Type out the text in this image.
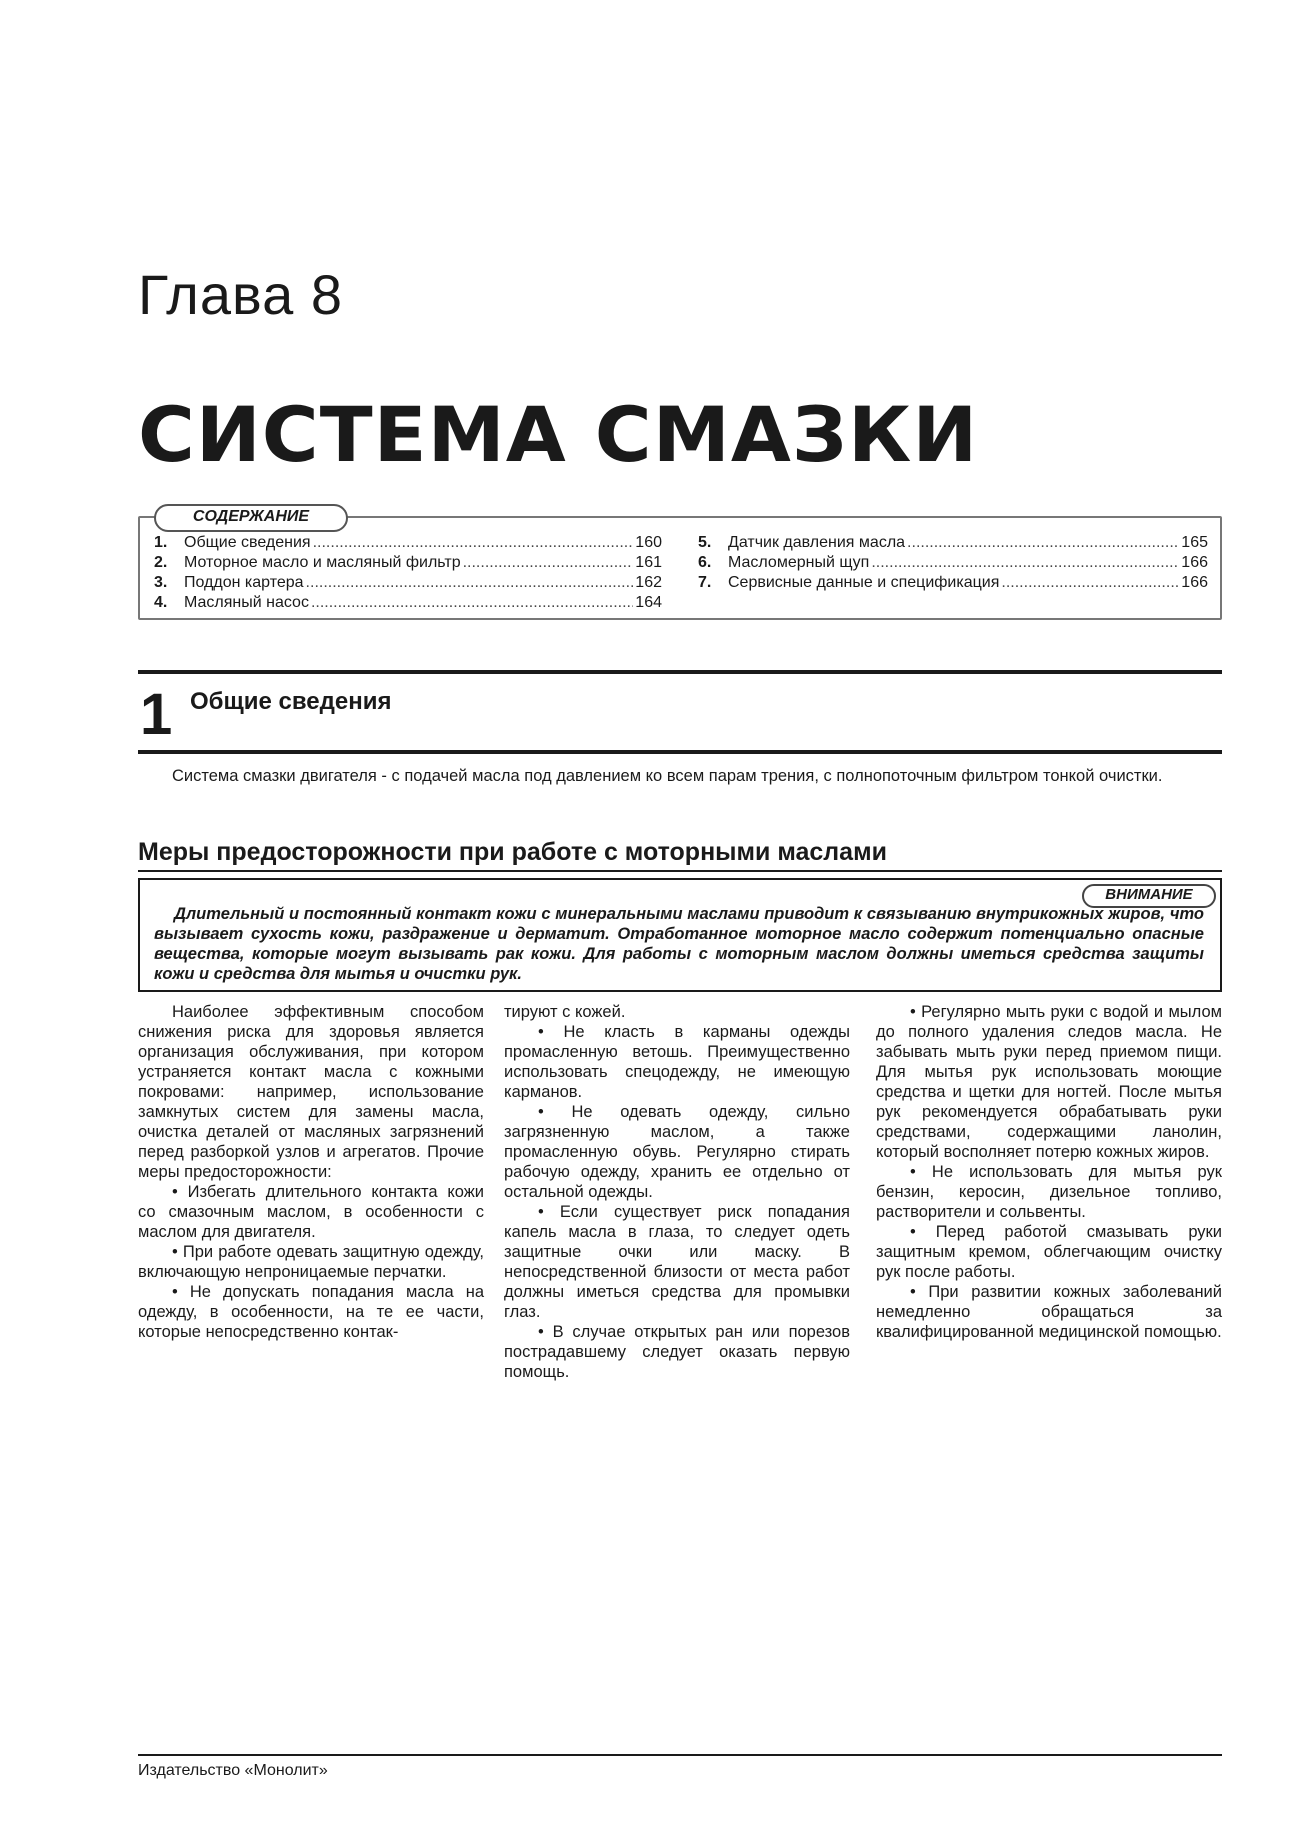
Глава 8
СИСТЕМА СМАЗКИ
СОДЕРЖАНИЕ
1.	Общие сведения .....	160
2.	Моторное масло и масляный фильтр .....	161
3.	Поддон картера .....	162
4.	Масляный насос .....	164
5.	Датчик давления масла .....	165
6.	Масломерный щуп .....	166
7.	Сервисные данные и спецификация .....	166
1 Общие сведения
Система смазки двигателя - с подачей масла под давлением ко всем парам трения, с полнопоточным фильтром тонкой очистки.
Меры предосторожности при работе с моторными маслами
ВНИМАНИЕ
Длительный и постоянный контакт кожи с минеральными маслами приводит к связыванию внутрикожных жиров, что вызывает сухость кожи, раздражение и дерматит. Отработанное моторное масло содержит потенциально опасные вещества, которые могут вызывать рак кожи. Для работы с моторным маслом должны иметься средства защиты кожи и средства для мытья и очистки рук.

Наиболее эффективным способом снижения риска для здоровья является организация обслуживания, при котором устраняется контакт масла с кожными покровами: например, использование замкнутых систем для замены масла, очистка деталей от масляных загрязнений перед разборкой узлов и агрегатов. Прочие меры предосторожности:

• Избегать длительного контакта кожи со смазочным маслом, в особенности с маслом для двигателя.

• При работе одевать защитную одежду, включающую непроницаемые перчатки.

• Не допускать попадания масла на одежду, в особенности, на те ее части, которые непосредственно контак-

тируют с кожей.

• Не класть в карманы одежды промасленную ветошь. Преимущественно использовать спецодежду, не имеющую карманов.

• Не одевать одежду, сильно загрязненную маслом, а также промасленную обувь. Регулярно стирать рабочую одежду, хранить ее отдельно от остальной одежды.

• Если существует риск попадания капель масла в глаза, то следует одеть защитные очки или маску. В непосредственной близости от места работ должны иметься средства для промывки глаз.

• В случае открытых ран или порезов пострадавшему следует оказать первую помощь.

• Регулярно мыть руки с водой и мылом до полного удаления следов масла. Не забывать мыть руки перед приемом пищи. Для мытья рук использовать моющие средства и щетки для ногтей. После мытья рук рекомендуется обрабатывать руки средствами, содержащими ланолин, который восполняет потерю кожных жиров.

• Не использовать для мытья рук бензин, керосин, дизельное топливо, растворители и сольвенты.

• Перед работой смазывать руки защитным кремом, облегчающим очистку рук после работы.

• При развитии кожных заболеваний немедленно обращаться за квалифицированной медицинской помощью.

Издательство «Монолит»
